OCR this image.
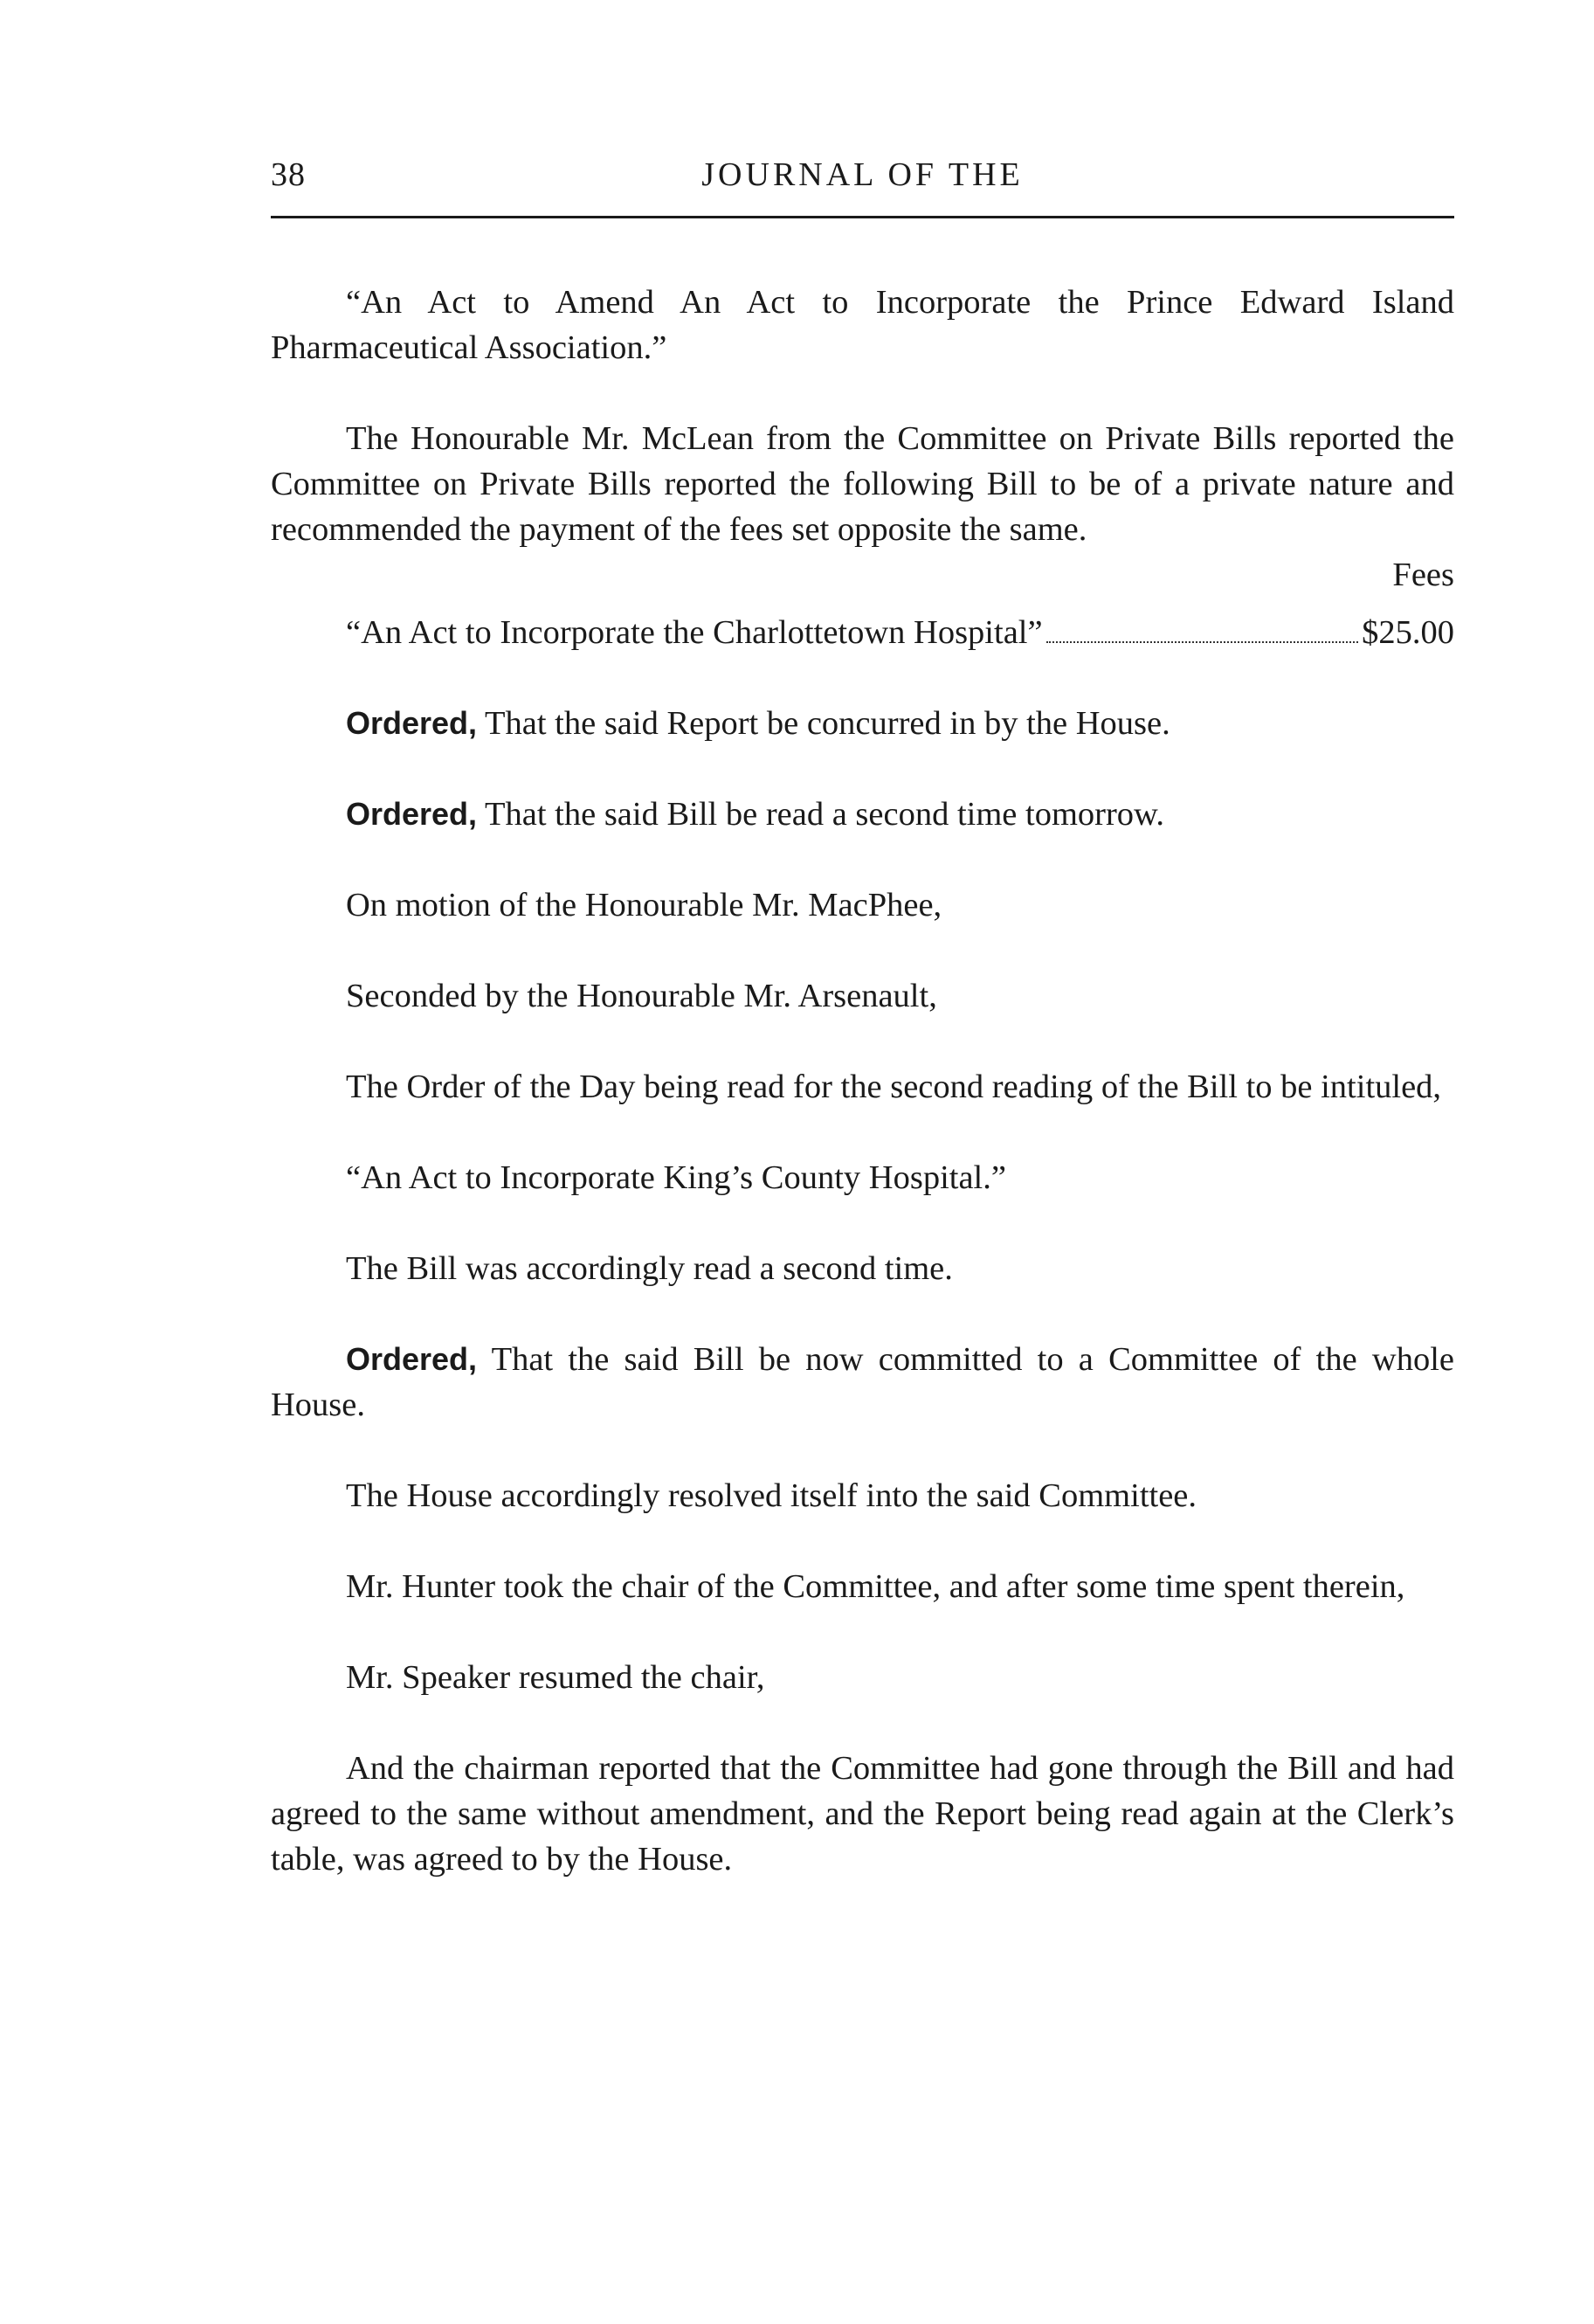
38	JOURNAL OF THE

“An Act to Amend An Act to Incorporate the Prince Edward Island Pharmaceutical Association.”

The Honourable Mr. McLean from the Committee on Private Bills reported the Committee on Private Bills reported the following Bill to be of a private nature and recommended the payment of the fees set opposite the same.

Fees
“An Act to Incorporate the Charlottetown Hospital”	$25.00

Ordered, That the said Report be concurred in by the House.

Ordered, That the said Bill be read a second time tomorrow.

On motion of the Honourable Mr. MacPhee,

Seconded by the Honourable Mr. Arsenault,

The Order of the Day being read for the second reading of the Bill to be intituled,

“An Act to Incorporate King’s County Hospital.”

The Bill was accordingly read a second time.

Ordered, That the said Bill be now committed to a Committee of the whole House.

The House accordingly resolved itself into the said Committee.

Mr. Hunter took the chair of the Committee, and after some time spent therein,

Mr. Speaker resumed the chair,

And the chairman reported that the Committee had gone through the Bill and had agreed to the same without amendment, and the Report being read again at the Clerk’s table, was agreed to by the House.
